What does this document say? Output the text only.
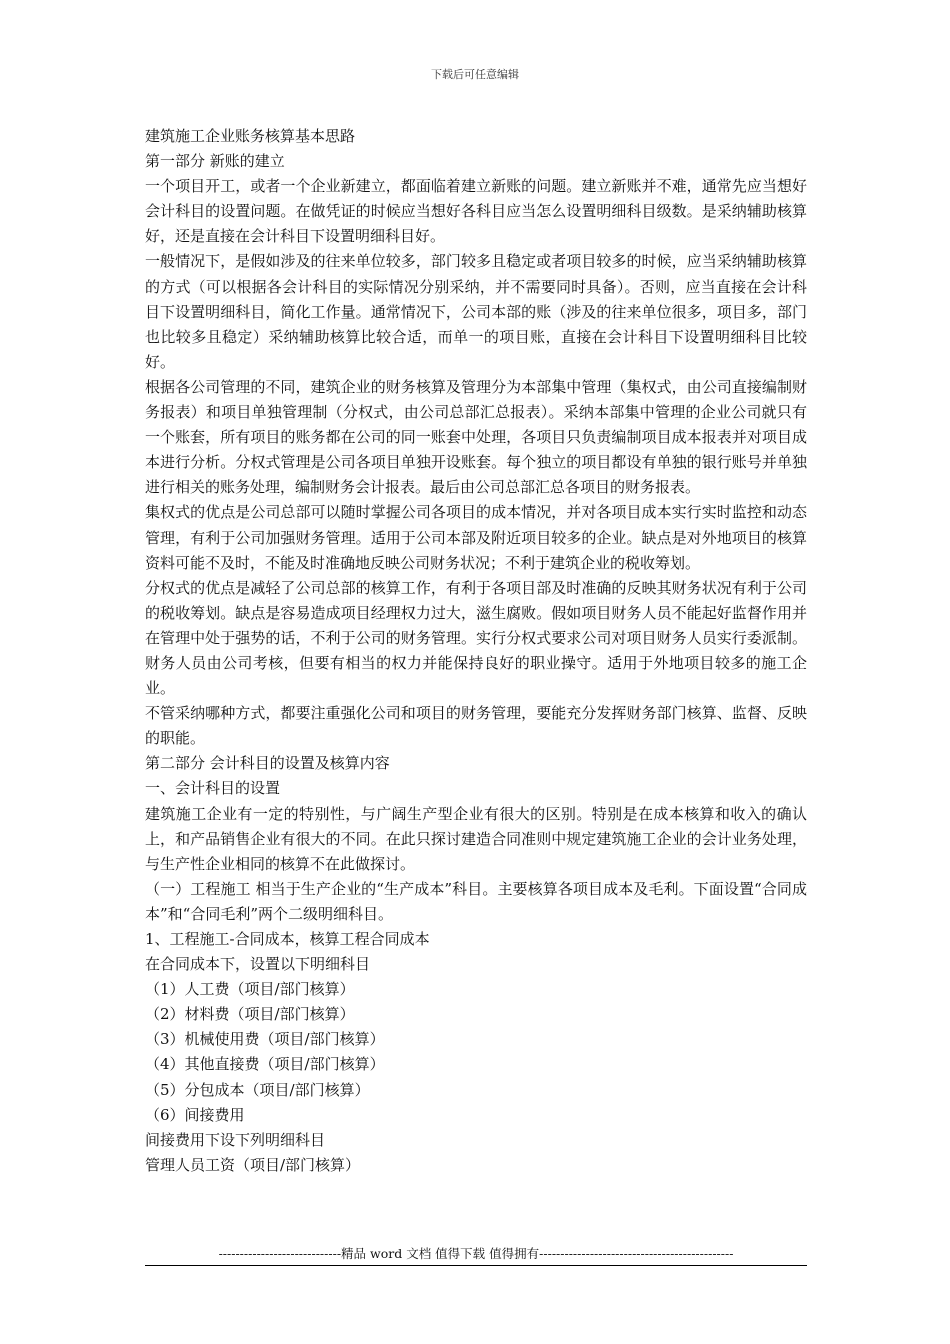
下载后可任意编辑

建筑施工企业账务核算基本思路

第一部分 新账的建立

一个项目开工，或者一个企业新建立，都面临着建立新账的问题。建立新账并不难，通常先应当想好会计科目的设置问题。在做凭证的时候应当想好各科目应当怎么设置明细科目级数。是采纳辅助核算好，还是直接在会计科目下设置明细科目好。

一般情况下，是假如涉及的往来单位较多，部门较多且稳定或者项目较多的时候，应当采纳辅助核算的方式（可以根据各会计科目的实际情况分别采纳，并不需要同时具备）。否则，应当直接在会计科目下设置明细科目，简化工作量。通常情况下，公司本部的账（涉及的往来单位很多，项目多，部门也比较多且稳定）采纳辅助核算比较合适，而单一的项目账，直接在会计科目下设置明细科目比较好。

根据各公司管理的不同，建筑企业的财务核算及管理分为本部集中管理（集权式，由公司直接编制财务报表）和项目单独管理制（分权式，由公司总部汇总报表）。采纳本部集中管理的企业公司就只有一个账套，所有项目的账务都在公司的同一账套中处理，各项目只负责编制项目成本报表并对项目成本进行分析。分权式管理是公司各项目单独开设账套。每个独立的项目都设有单独的银行账号并单独进行相关的账务处理，编制财务会计报表。最后由公司总部汇总各项目的财务报表。

集权式的优点是公司总部可以随时掌握公司各项目的成本情况，并对各项目成本实行实时监控和动态管理，有利于公司加强财务管理。适用于公司本部及附近项目较多的企业。缺点是对外地项目的核算资料可能不及时，不能及时准确地反映公司财务状况；不利于建筑企业的税收筹划。

分权式的优点是减轻了公司总部的核算工作，有利于各项目部及时准确的反映其财务状况有利于公司的税收筹划。缺点是容易造成项目经理权力过大，滋生腐败。假如项目财务人员不能起好监督作用并在管理中处于强势的话，不利于公司的财务管理。实行分权式要求公司对项目财务人员实行委派制。财务人员由公司考核，但要有相当的权力并能保持良好的职业操守。适用于外地项目较多的施工企业。

不管采纳哪种方式，都要注重强化公司和项目的财务管理，要能充分发挥财务部门核算、监督、反映的职能。

第二部分 会计科目的设置及核算内容

一、会计科目的设置

建筑施工企业有一定的特别性，与广阔生产型企业有很大的区别。特别是在成本核算和收入的确认上，和产品销售企业有很大的不同。在此只探讨建造合同准则中规定建筑施工企业的会计业务处理，与生产性企业相同的核算不在此做探讨。

（一）工程施工 相当于生产企业的“生产成本”科目。主要核算各项目成本及毛利。下面设置“合同成本”和“合同毛利”两个二级明细科目。

1、工程施工-合同成本，核算工程合同成本

在合同成本下，设置以下明细科目

（1）人工费（项目/部门核算）

（2）材料费（项目/部门核算）

（3）机械使用费（项目/部门核算）

（4）其他直接费（项目/部门核算）

（5）分包成本（项目/部门核算）

（6）间接费用

间接费用下设下列明细科目

管理人员工资（项目/部门核算）

-----------------------------精品 word 文档 值得下载 值得拥有----------------------------------------------
